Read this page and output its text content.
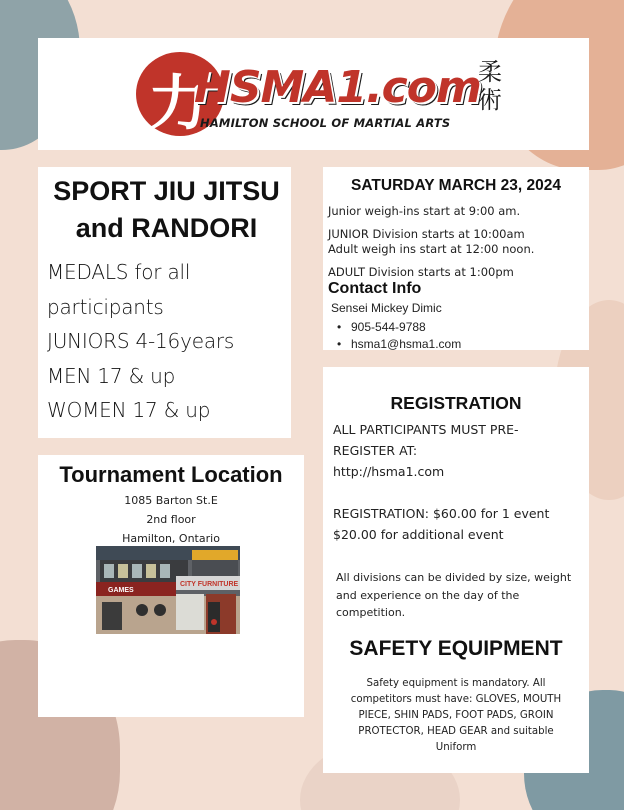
力
HSMA1.com
HAMILTON SCHOOL OF MARTIAL ARTS
柔術
SPORT JIU JITSU and RANDORI
MEDALS for all
participants
JUNIORS 4-16years
MEN 17 & up
WOMEN 17 & up
Tournament Location
1085 Barton St.E
2nd floor
Hamilton, Ontario
CITY FURNITURE
GAMES
SATURDAY MARCH 23, 2024
Junior weigh-ins start at 9:00 am.
JUNIOR Division starts at 10:00am
Adult weigh ins start at 12:00 noon.
ADULT Division starts at 1:00pm
Contact Info
Sensei Mickey Dimic
• 905-544-9788
• hsma1@hsma1.com
REGISTRATION

ALL PARTICIPANTS MUST PRE-

REGISTER AT:

http://hsma1.com

REGISTRATION: $60.00 for 1 event

$20.00 for additional event

All divisions can be divided by size, weight and experience on the day of the competition.
SAFETY EQUIPMENT
Safety equipment is mandatory. All competitors must have: GLOVES, MOUTH PIECE, SHIN PADS, FOOT PADS, GROIN PROTECTOR, HEAD GEAR and suitable Uniform
